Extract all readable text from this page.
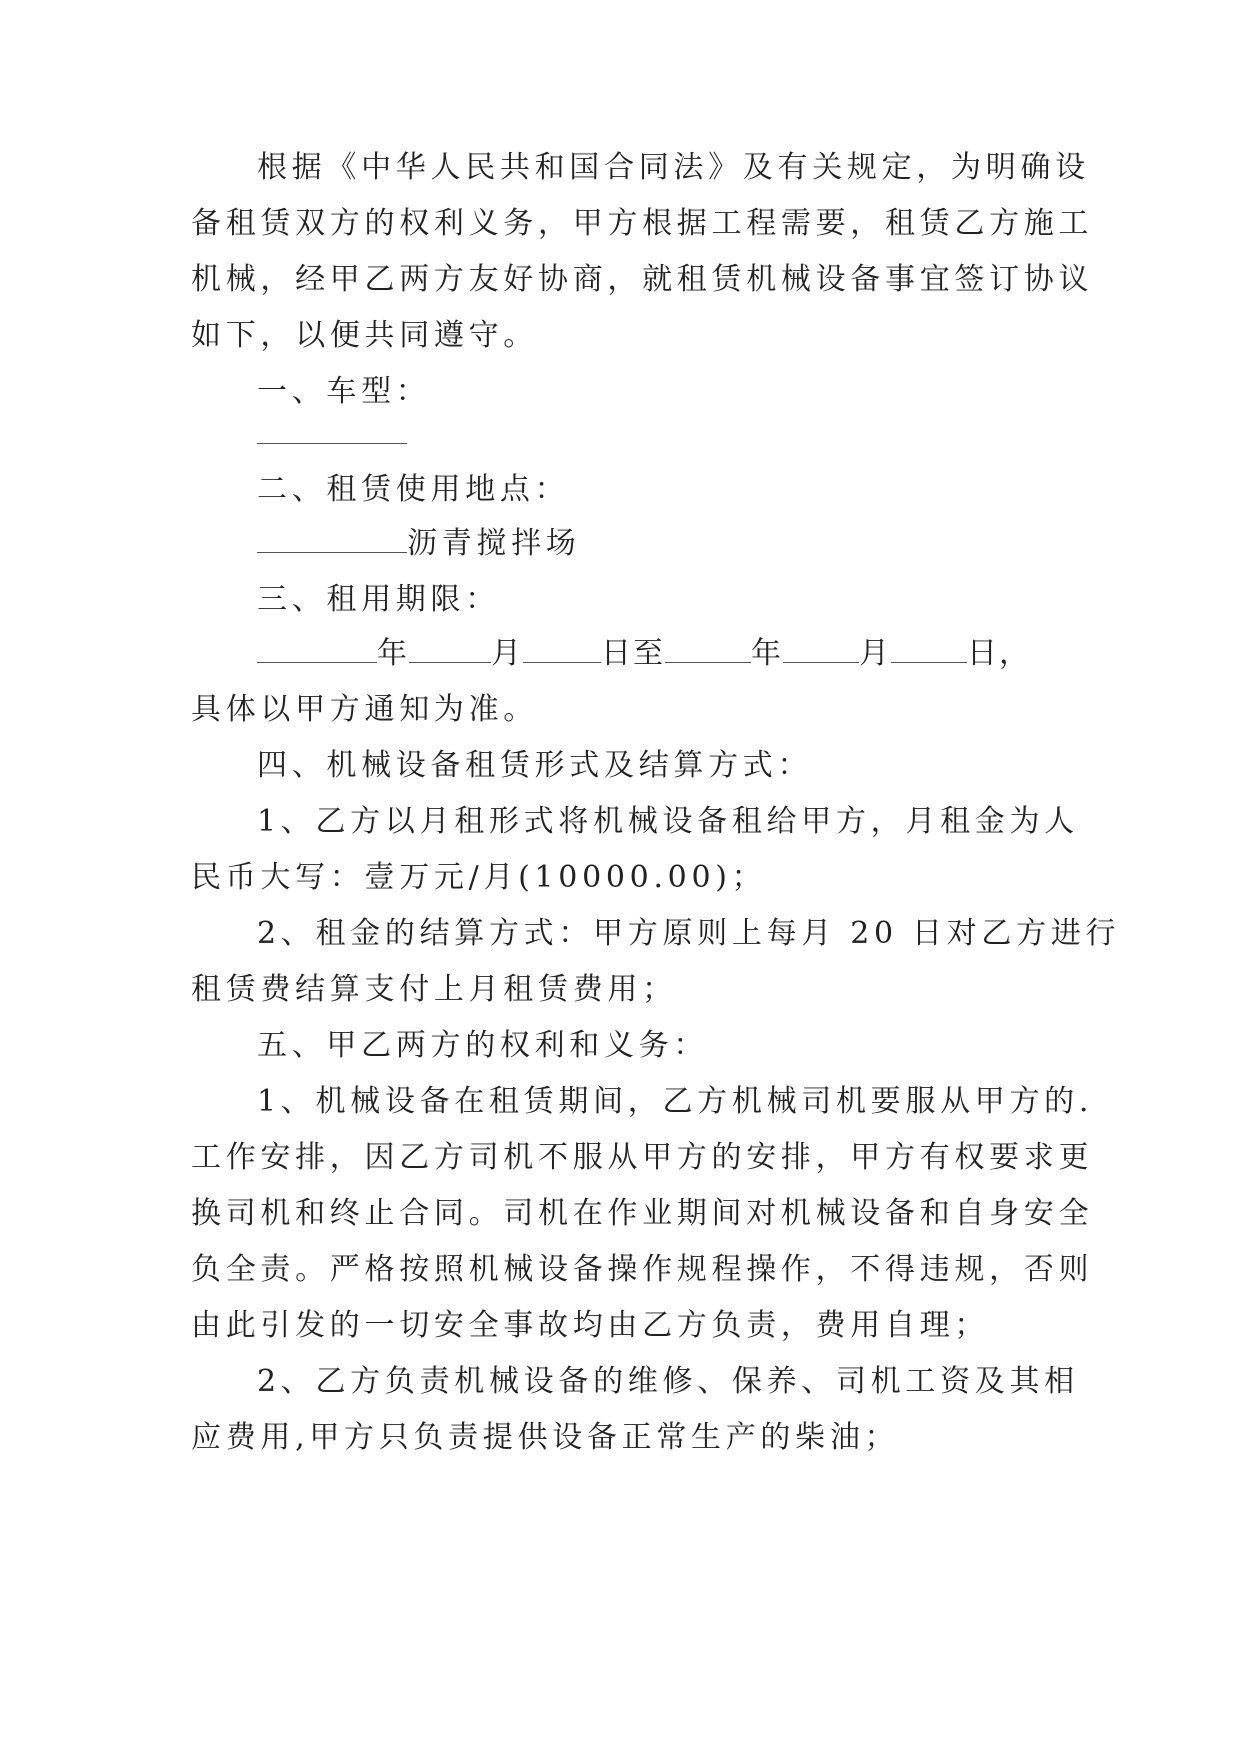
根据《中华人民共和国合同法》及有关规定，为明确设
备租赁双方的权利义务，甲方根据工程需要，租赁乙方施工
机械，经甲乙两方友好协商，就租赁机械设备事宜签订协议
如下，以便共同遵守。
一、车型：
二、租赁使用地点：
沥青搅拌场
三、租用期限：
年	月	日至	年	月	日，
具体以甲方通知为准。
四、机械设备租赁形式及结算方式：
1、乙方以月租形式将机械设备租给甲方，月租金为人
民币大写：壹万元/月(10000.00)；
2、租金的结算方式：甲方原则上每月 20 日对乙方进行
租赁费结算支付上月租赁费用；
五、甲乙两方的权利和义务：
1、机械设备在租赁期间，乙方机械司机要服从甲方的.
工作安排，因乙方司机不服从甲方的安排，甲方有权要求更
换司机和终止合同。司机在作业期间对机械设备和自身安全
负全责。严格按照机械设备操作规程操作，不得违规，否则
由此引发的一切安全事故均由乙方负责，费用自理；
2、乙方负责机械设备的维修、保养、司机工资及其相
应费用,甲方只负责提供设备正常生产的柴油；
